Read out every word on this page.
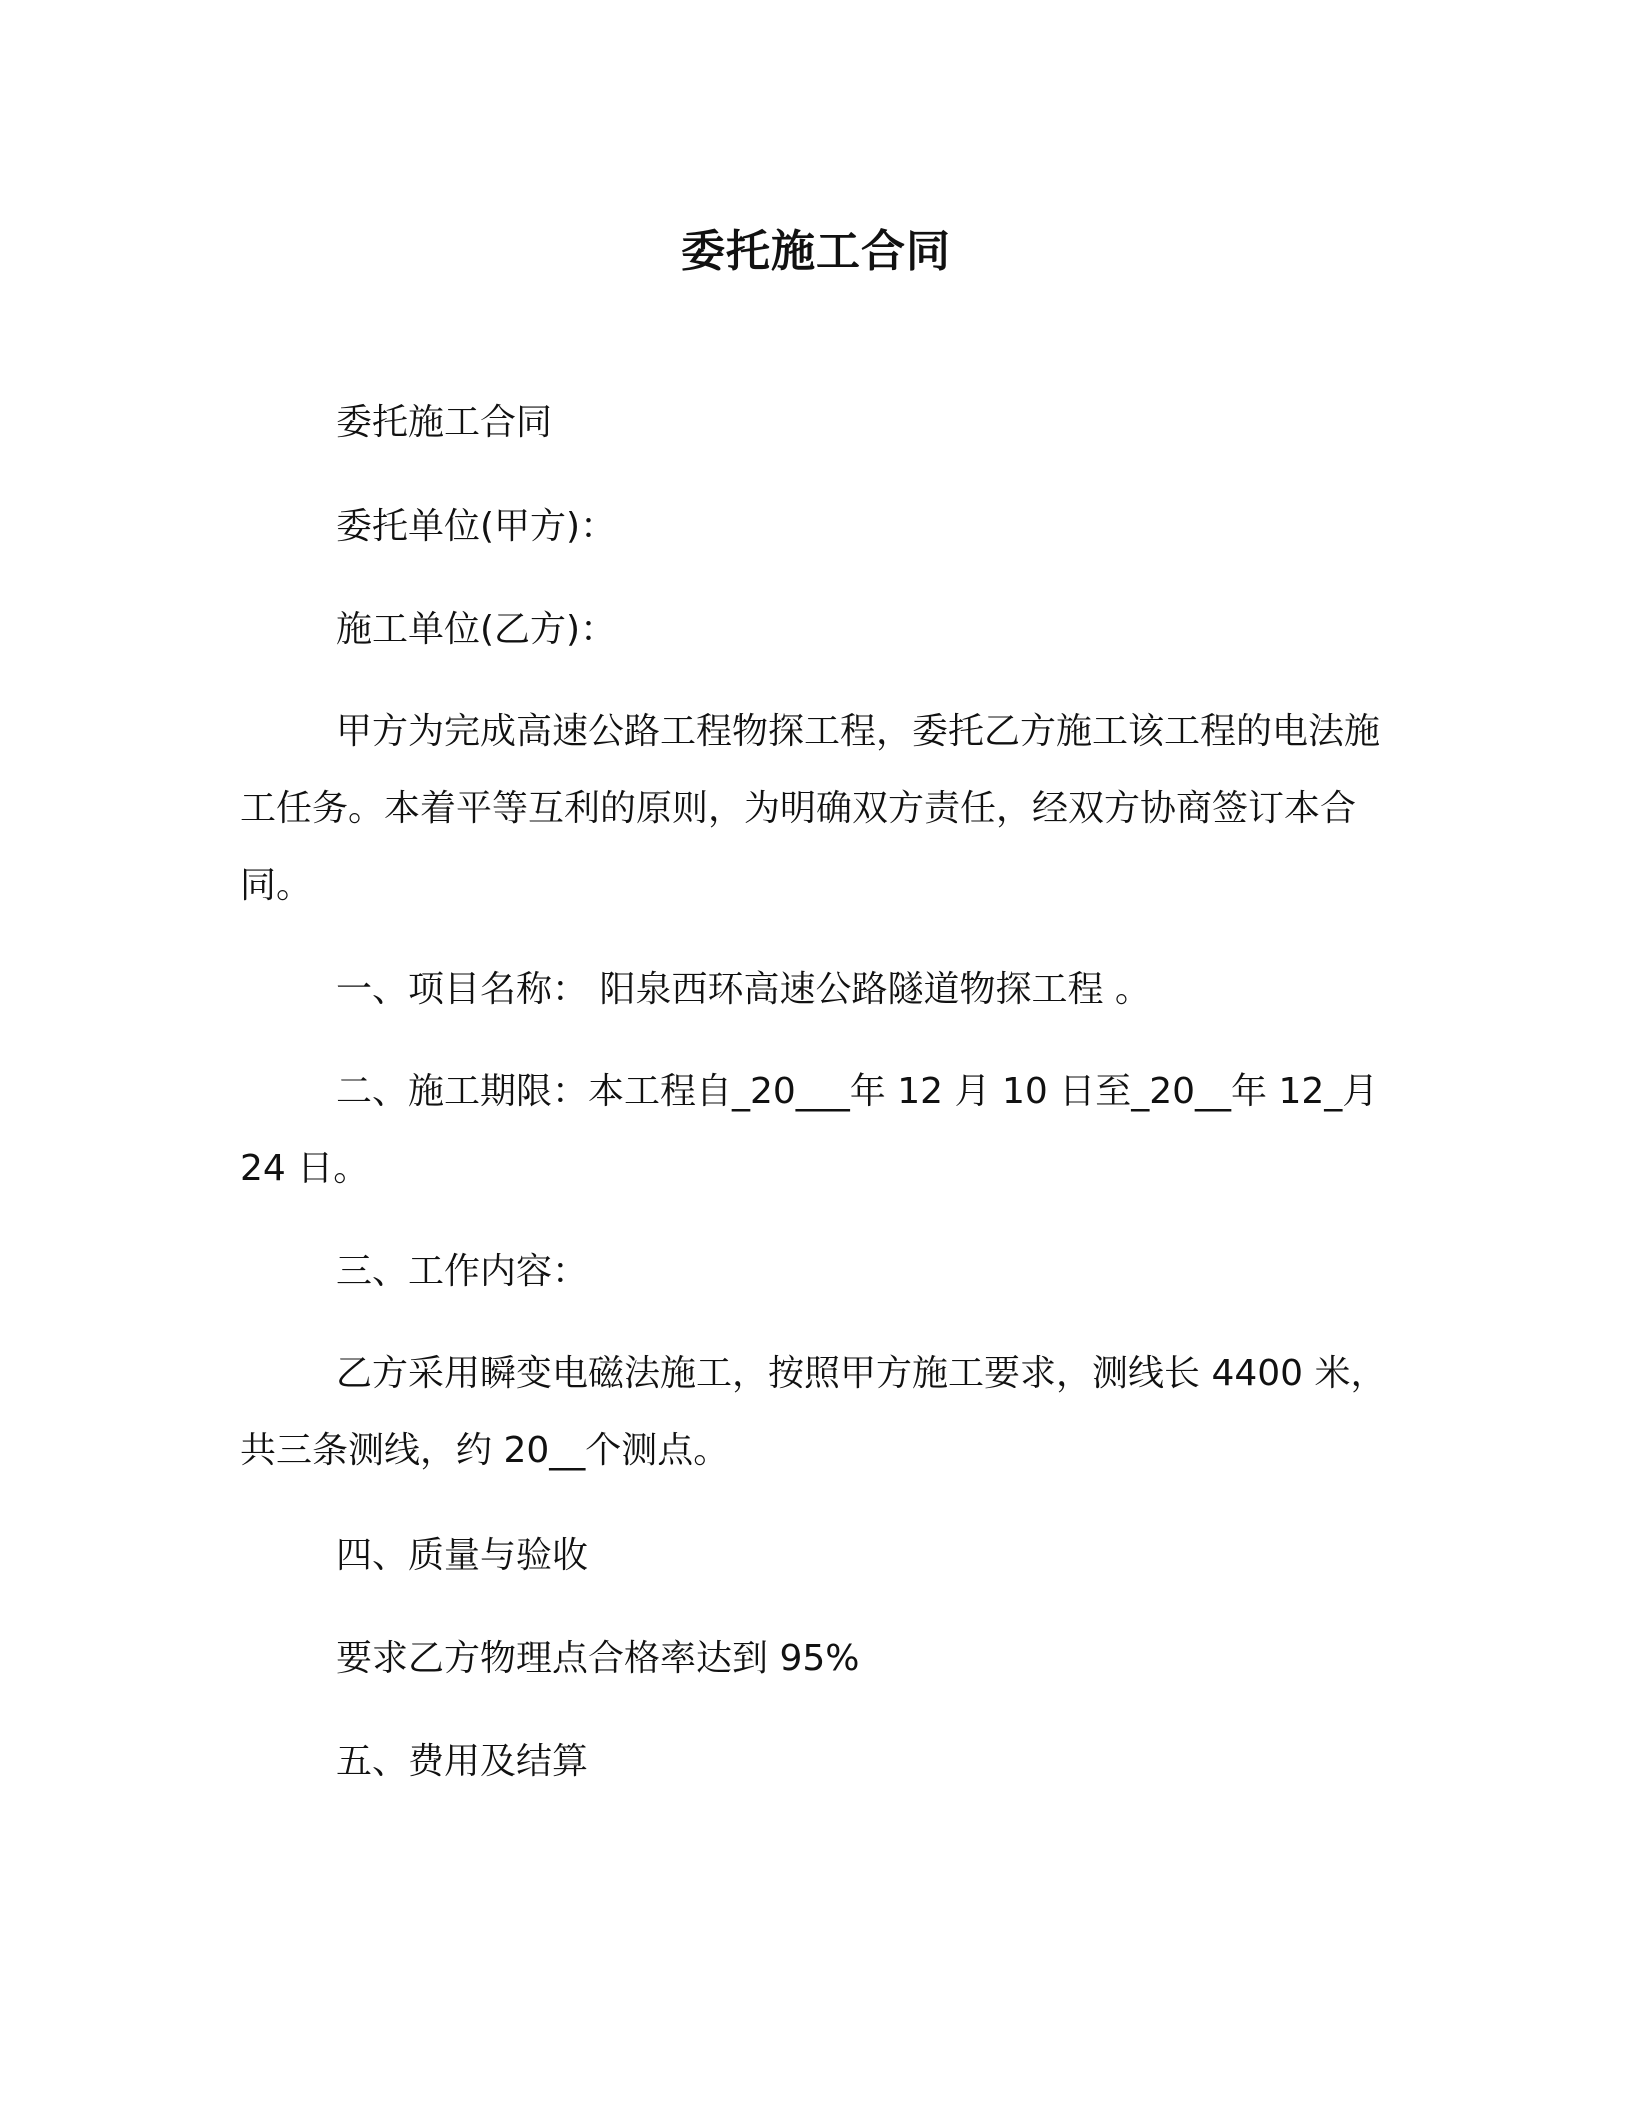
委托施工合同

委托施工合同

委托单位(甲方)：

施工单位(乙方)：

甲方为完成高速公路工程物探工程，委托乙方施工该工程的电法施工任务。本着平等互利的原则，为明确双方责任，经双方协商签订本合同。

一、项目名称： 阳泉西环高速公路隧道物探工程 。

二、施工期限：本工程自_20___年 12 月 10 日至_20__年 12_月 24 日。

三、工作内容：

乙方采用瞬变电磁法施工，按照甲方施工要求，测线长 4400 米，共三条测线，约 20__个测点。

四、质量与验收

要求乙方物理点合格率达到 95%

五、费用及结算
